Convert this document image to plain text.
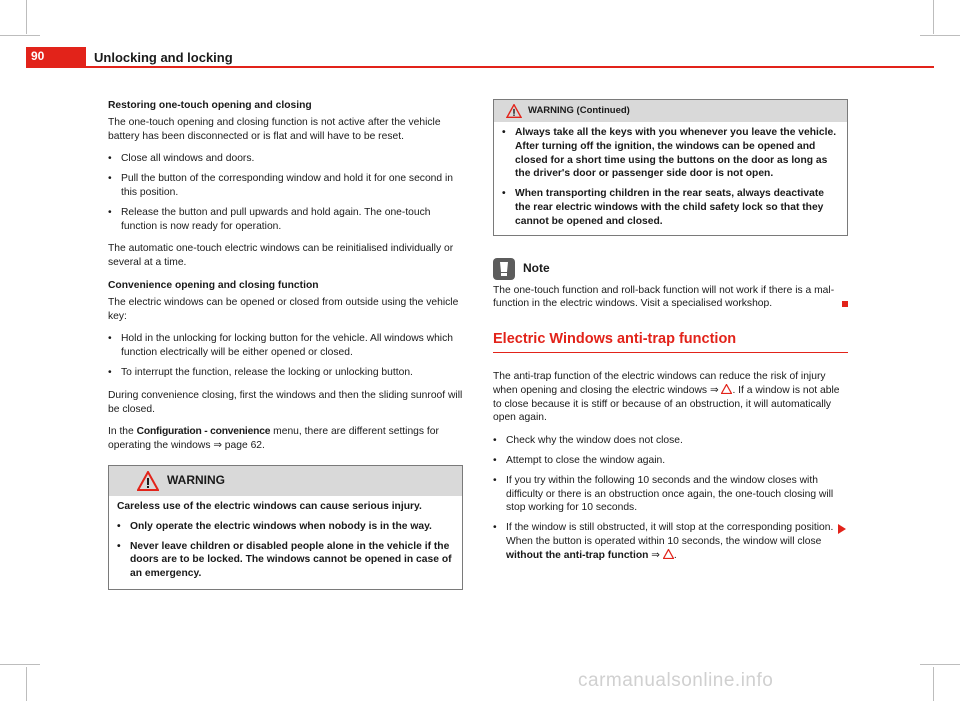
90	Unlocking and locking

Restoring one-touch opening and closing

The one-touch opening and closing function is not active after the vehicle battery has been disconnected or is flat and will have to be reset.

• Close all windows and doors.

• Pull the button of the corresponding window and hold it for one second in this position.

• Release the button and pull upwards and hold again. The one-touch function is now ready for operation.

The automatic one-touch electric windows can be reinitialised individually or several at a time.

Convenience opening and closing function

The electric windows can be opened or closed from outside using the vehicle key:

• Hold in the unlocking for locking button for the vehicle. All windows which function electrically will be either opened or closed.

• To interrupt the function, release the locking or unlocking button.

During convenience closing, first the windows and then the sliding sunroof will be closed.

In the Configuration - convenience menu, there are different settings for operating the windows ⇒ page 62.

WARNING

Careless use of the electric windows can cause serious injury.

• Only operate the electric windows when nobody is in the way.

• Never leave children or disabled people alone in the vehicle if the doors are to be locked. The windows cannot be opened in case of an emergency.

WARNING (Continued)

• Always take all the keys with you whenever you leave the vehicle. After turning off the ignition, the windows can be opened and closed for a short time using the buttons on the door as long as the driver's door or passenger side door is not open.

• When transporting children in the rear seats, always deactivate the rear electric windows with the child safety lock so that they cannot be opened and closed.

Note

The one-touch function and roll-back function will not work if there is a malfunction in the electric windows. Visit a specialised workshop.

Electric Windows anti-trap function

The anti-trap function of the electric windows can reduce the risk of injury when opening and closing the electric windows ⇒ . If a window is not able to close because it is stiff or because of an obstruction, it will automatically open again.

• Check why the window does not close.

• Attempt to close the window again.

• If you try within the following 10 seconds and the window closes with difficulty or there is an obstruction once again, the one-touch closing will stop working for 10 seconds.

• If the window is still obstructed, it will stop at the corresponding position. When the button is operated within 10 seconds, the window will close without the anti-trap function ⇒ .

carmanualsonline.info
